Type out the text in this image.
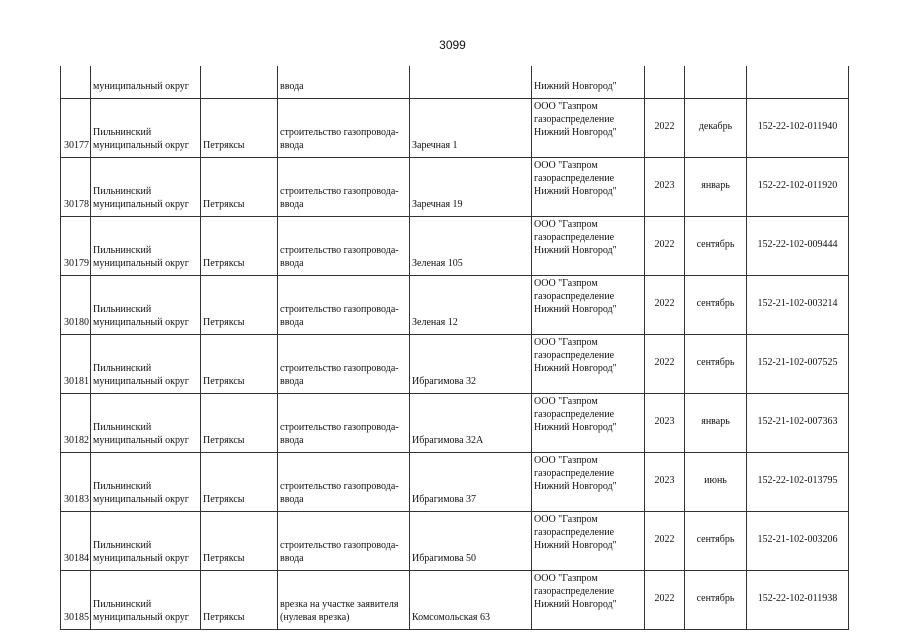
3099
	муниципальный округ		ввода		Нижний Новгород"			
30177	Пильнинский
муниципальный округ	Петряксы	строительство газопровода-
ввода	Заречная 1	ООО "Газпром
газораспределение
Нижний Новгород"	2022	декабрь	152-22-102-011940
30178	Пильнинский
муниципальный округ	Петряксы	строительство газопровода-
ввода	Заречная 19	ООО "Газпром
газораспределение
Нижний Новгород"	2023	январь	152-22-102-011920
30179	Пильнинский
муниципальный округ	Петряксы	строительство газопровода-
ввода	Зеленая 105	ООО "Газпром
газораспределение
Нижний Новгород"	2022	сентябрь	152-22-102-009444
30180	Пильнинский
муниципальный округ	Петряксы	строительство газопровода-
ввода	Зеленая 12	ООО "Газпром
газораспределение
Нижний Новгород"	2022	сентябрь	152-21-102-003214
30181	Пильнинский
муниципальный округ	Петряксы	строительство газопровода-
ввода	Ибрагимова 32	ООО "Газпром
газораспределение
Нижний Новгород"	2022	сентябрь	152-21-102-007525
30182	Пильнинский
муниципальный округ	Петряксы	строительство газопровода-
ввода	Ибрагимова 32А	ООО "Газпром
газораспределение
Нижний Новгород"	2023	январь	152-21-102-007363
30183	Пильнинский
муниципальный округ	Петряксы	строительство газопровода-
ввода	Ибрагимова 37	ООО "Газпром
газораспределение
Нижний Новгород"	2023	июнь	152-22-102-013795
30184	Пильнинский
муниципальный округ	Петряксы	строительство газопровода-
ввода	Ибрагимова 50	ООО "Газпром
газораспределение
Нижний Новгород"	2022	сентябрь	152-21-102-003206
30185	Пильнинский
муниципальный округ	Петряксы	врезка на участке заявителя
(нулевая врезка)	Комсомольская 63	ООО "Газпром
газораспределение
Нижний Новгород"	2022	сентябрь	152-22-102-011938
